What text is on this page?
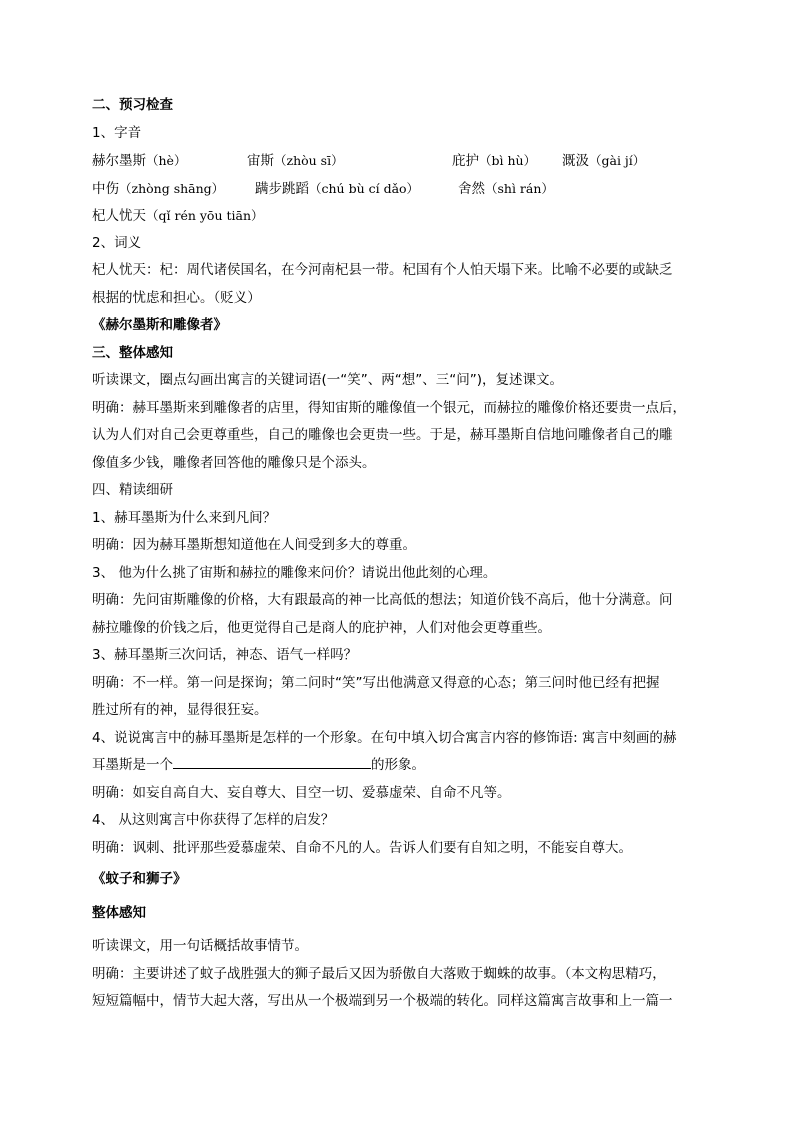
二、预习检查
1、字音
赫尔墨斯（hè）	宙斯（zhòu sī）	庇护（bì hù）	溉汲（gài jí）
中伤（zhòng shāng）	蹒步跳蹈（chú bù cí dǎo）	舍然（shì rán）
杞人忧天（qǐ rén yōu tiān）
2、词义
杞人忧天：杞：周代诸侯国名，在今河南杞县一带。杞国有个人怕天塌下来。比喻不必要的或缺乏
根据的忧虑和担心。（贬义）
《赫尔墨斯和雕像者》
三、整体感知
听读课文，圈点勾画出寓言的关键词语(一“笑”、两“想”、三“问”)，复述课文。
明确：赫耳墨斯来到雕像者的店里，得知宙斯的雕像值一个银元，而赫拉的雕像价格还要贵一点后，
认为人们对自己会更尊重些，自己的雕像也会更贵一些。于是，赫耳墨斯自信地问雕像者自己的雕
像值多少钱，雕像者回答他的雕像只是个添头。
四、精读细研
1、赫耳墨斯为什么来到凡间？
明确：因为赫耳墨斯想知道他在人间受到多大的尊重。
3、 他为什么挑了宙斯和赫拉的雕像来问价？请说出他此刻的心理。
明确：先问宙斯雕像的价格，大有跟最高的神一比高低的想法；知道价钱不高后，他十分满意。问
赫拉雕像的价钱之后，他更觉得自己是商人的庇护神，人们对他会更尊重些。
3、赫耳墨斯三次问话，神态、语气一样吗？
明确：不一样。第一问是探询；第二问时“笑”写出他满意又得意的心态；第三问时他已经有把握
胜过所有的神，显得很狂妄。
4、说说寓言中的赫耳墨斯是怎样的一个形象。在句中填入切合寓言内容的修饰语: 寓言中刻画的赫
耳墨斯是一个	的形象。
明确：如妄自高自大、妄自尊大、目空一切、爱慕虚荣、自命不凡等。
4、 从这则寓言中你获得了怎样的启发？
明确：讽刺、批评那些爱慕虚荣、自命不凡的人。告诉人们要有自知之明，不能妄自尊大。
《蚊子和狮子》
整体感知
听读课文，用一句话概括故事情节。
明确：主要讲述了蚊子战胜强大的狮子最后又因为骄傲自大落败于蜘蛛的故事。（本文构思精巧，
短短篇幅中，情节大起大落，写出从一个极端到另一个极端的转化。同样这篇寓言故事和上一篇一
